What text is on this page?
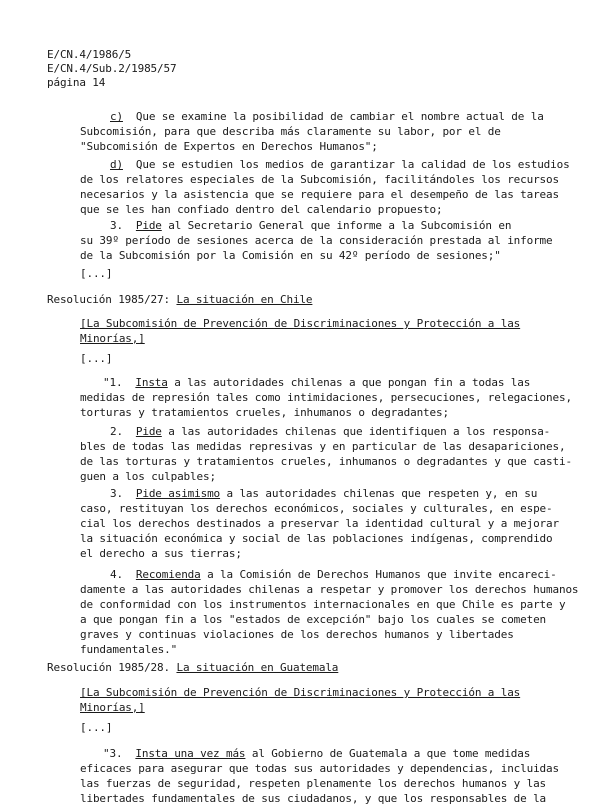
E/CN.4/1986/5
E/CN.4/Sub.2/1985/57
página 14
c)  Que se examine la posibilidad de cambiar el nombre actual de la
Subcomisión, para que describa más claramente su labor, por el de
"Subcomisión de Expertos en Derechos Humanos";
d)  Que se estudien los medios de garantizar la calidad de los estudios
de los relatores especiales de la Subcomisión, facilitándoles los recursos
necesarios y la asistencia que se requiere para el desempeño de las tareas
que se les han confiado dentro del calendario propuesto;
3.  Pide al Secretario General que informe a la Subcomisión en
su 39º período de sesiones acerca de la consideración prestada al informe
de la Subcomisión por la Comisión en su 42º período de sesiones;"
[...]
Resolución 1985/27: La situación en Chile
[La Subcomisión de Prevención de Discriminaciones y Protección a las
Minorías,]
[...]
"1.  Insta a las autoridades chilenas a que pongan fin a todas las
medidas de represión tales como intimidaciones, persecuciones, relegaciones,
torturas y tratamientos crueles, inhumanos o degradantes;
2.  Pide a las autoridades chilenas que identifiquen a los responsa-
bles de todas las medidas represivas y en particular de las desapariciones,
de las torturas y tratamientos crueles, inhumanos o degradantes y que casti-
guen a los culpables;
3.  Pide asimismo a las autoridades chilenas que respeten y, en su
caso, restituyan los derechos económicos, sociales y culturales, en espe-
cial los derechos destinados a preservar la identidad cultural y a mejorar
la situación económica y social de las poblaciones indígenas, comprendido
el derecho a sus tierras;
4.  Recomienda a la Comisión de Derechos Humanos que invite encareci-
damente a las autoridades chilenas a respetar y promover los derechos humanos
de conformidad con los instrumentos internacionales en que Chile es parte y
a que pongan fin a los "estados de excepción" bajo los cuales se cometen
graves y continuas violaciones de los derechos humanos y libertades
fundamentales."
Resolución 1985/28. La situación en Guatemala
[La Subcomisión de Prevención de Discriminaciones y Protección a las
Minorías,]
[...]
"3.  Insta una vez más al Gobierno de Guatemala a que tome medidas
eficaces para asegurar que todas sus autoridades y dependencias, incluidas
las fuerzas de seguridad, respeten plenamente los derechos humanos y las
libertades fundamentales de sus ciudadanos, y que los responsables de la
